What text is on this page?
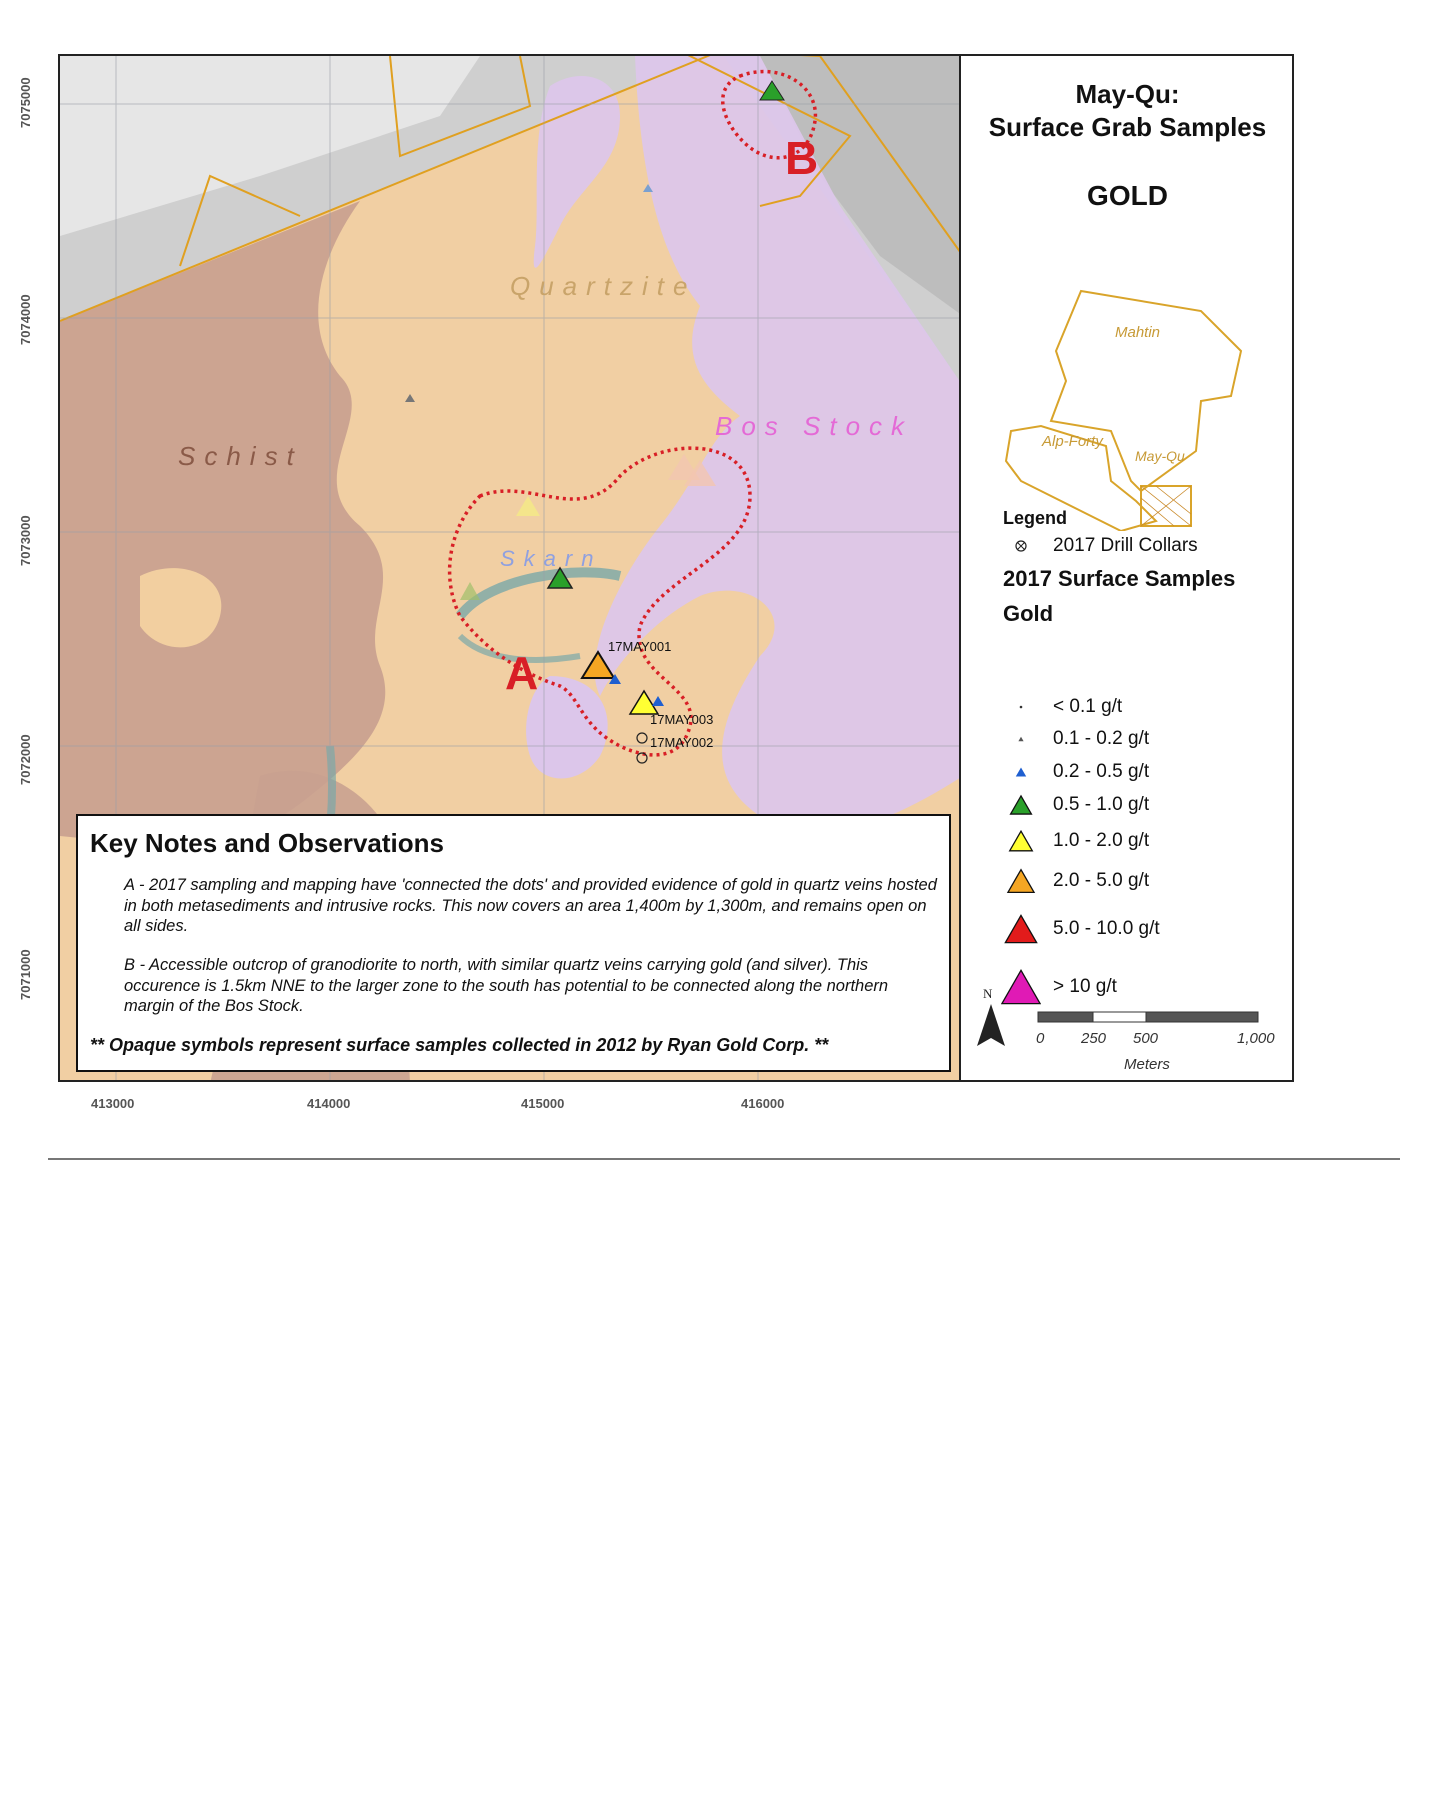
7075000
7074000
7073000
7072000
7071000
Quartzite
Schist
Bos Stock
Skarn
A
B
17MAY001
17MAY003
17MAY002
Key Notes and Observations

A - 2017 sampling and mapping have 'connected the dots' and provided evidence of gold in quartz veins hosted in both metasediments and intrusive rocks. This now covers an area 1,400m by 1,300m, and remains open on all sides.

B - Accessible outcrop of granodiorite to north, with similar quartz veins carrying gold (and silver). This occurence is 1.5km NNE to the larger zone to the south has potential to be connected along the northern margin of the Bos Stock.

** Opaque symbols represent surface samples collected in 2012 by Ryan Gold Corp. **
May-Qu:
Surface Grab Samples
GOLD
Mahtin
Alp-Forty
May-Qu
Legend
2017 Drill Collars
2017 Surface Samples
Gold
< 0.1 g/t
0.1 - 0.2 g/t
0.2 - 0.5 g/t
0.5 - 1.0 g/t
1.0 - 2.0 g/t
2.0 - 5.0 g/t
5.0 - 10.0 g/t
> 10 g/t
N
0 250 500	1,000
Meters
413000	414000	415000	416000
